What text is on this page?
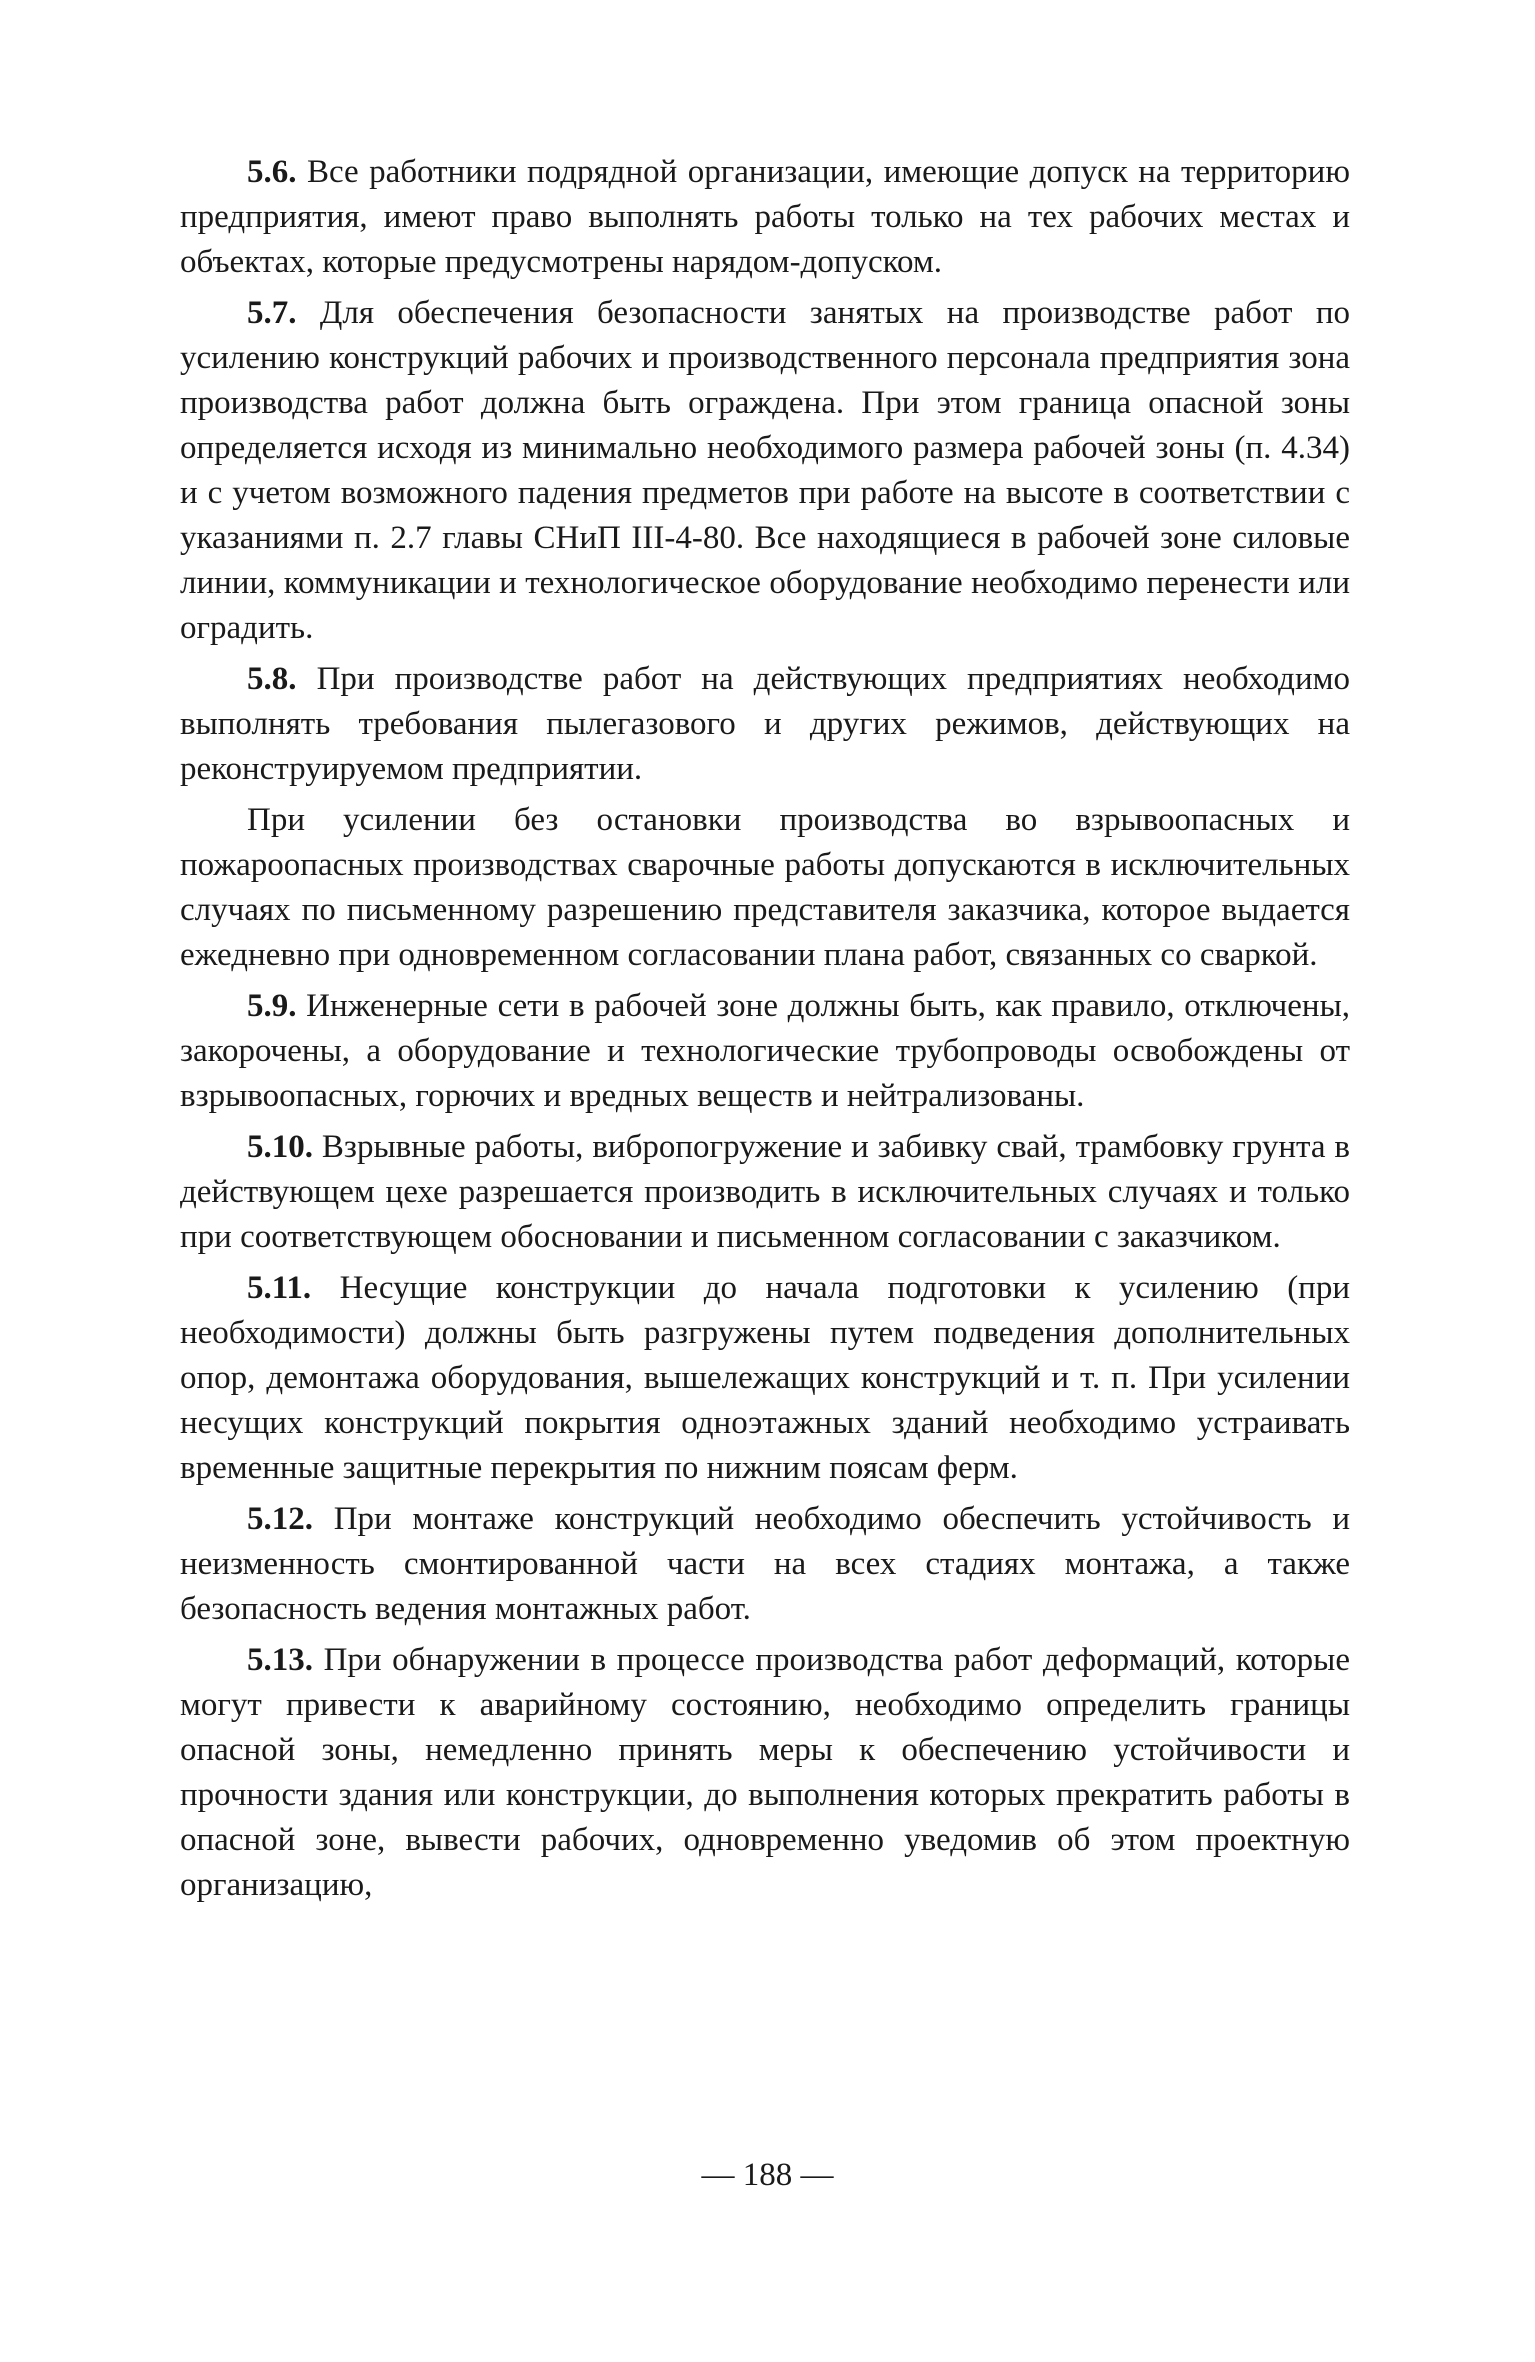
5.6. Все работники подрядной организации, имеющие допуск на территорию предприятия, имеют право выполнять работы только на тех рабочих местах и объектах, которые предусмотрены нарядом-допуском.

5.7. Для обеспечения безопасности занятых на производстве работ по усилению конструкций рабочих и производственного персонала предприятия зона производства работ должна быть ограждена. При этом граница опасной зоны определяется исходя из минимально необходимого размера рабочей зоны (п. 4.34) и с учетом возможного падения предметов при работе на высоте в соответствии с указаниями п. 2.7 главы СНиП III-4-80. Все находящиеся в рабочей зоне силовые линии, коммуникации и технологическое оборудование необходимо перенести или оградить.

5.8. При производстве работ на действующих предприятиях необходимо выполнять требования пылегазового и других режимов, действующих на реконструируемом предприятии.

При усилении без остановки производства во взрывоопасных и пожароопасных производствах сварочные работы допускаются в исключительных случаях по письменному разрешению представителя заказчика, которое выдается ежедневно при одновременном согласовании плана работ, связанных со сваркой.

5.9. Инженерные сети в рабочей зоне должны быть, как правило, отключены, закорочены, а оборудование и технологические трубопроводы освобождены от взрывоопасных, горючих и вредных веществ и нейтрализованы.

5.10. Взрывные работы, вибропогружение и забивку свай, трамбовку грунта в действующем цехе разрешается производить в исключительных случаях и только при соответствующем обосновании и письменном согласовании с заказчиком.

5.11. Несущие конструкции до начала подготовки к усилению (при необходимости) должны быть разгружены путем подведения дополнительных опор, демонтажа оборудования, вышележащих конструкций и т. п. При усилении несущих конструкций покрытия одноэтажных зданий необходимо устраивать временные защитные перекрытия по нижним поясам ферм.

5.12. При монтаже конструкций необходимо обеспечить устойчивость и неизменность смонтированной части на всех стадиях монтажа, а также безопасность ведения монтажных работ.

5.13. При обнаружении в процессе производства работ деформаций, которые могут привести к аварийному состоянию, необходимо определить границы опасной зоны, немедленно принять меры к обеспечению устойчивости и прочности здания или конструкции, до выполнения которых прекратить работы в опасной зоне, вывести рабочих, одновременно уведомив об этом проектную организацию,

— 188 —
